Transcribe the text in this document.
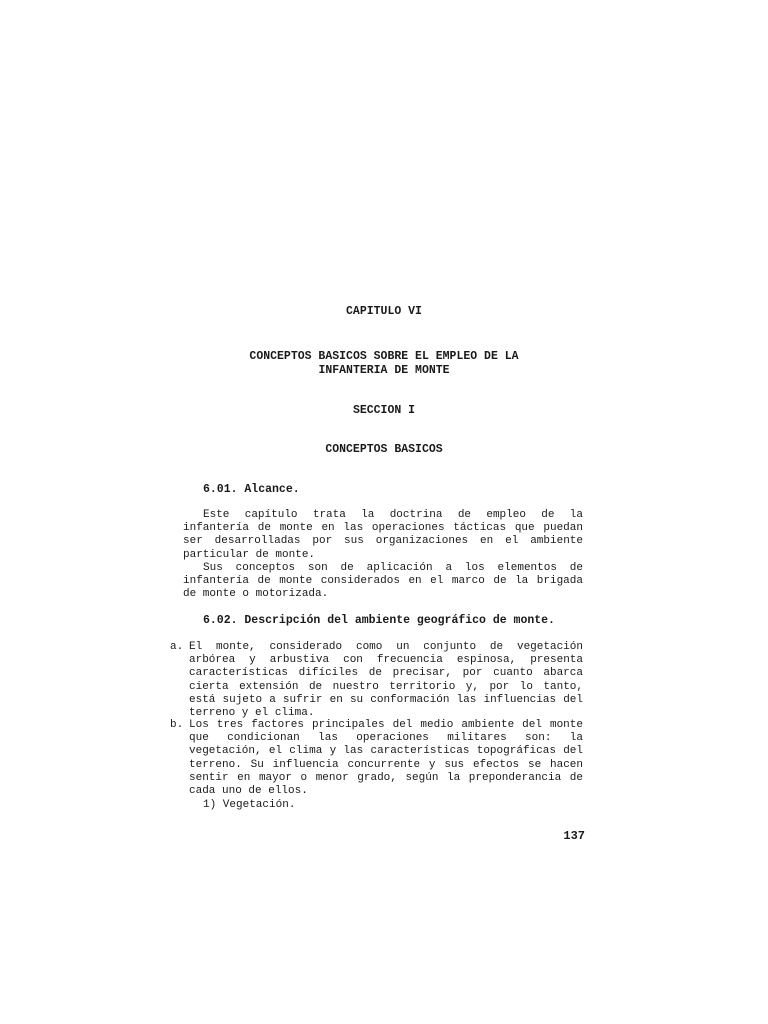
CAPITULO VI
CONCEPTOS BASICOS SOBRE EL EMPLEO DE LA
INFANTERIA DE MONTE
SECCION I
CONCEPTOS BASICOS
6.01. Alcance.

Este capítulo trata la doctrina de empleo de la infantería de monte en las operaciones tácticas que puedan ser desarrolladas por sus organizaciones en el ambiente particular de monte.

Sus conceptos son de aplicación a los elementos de infantería de monte considerados en el marco de la brigada de monte o motorizada.

6.02. Descripción del ambiente geográfico de monte.
a. El monte, considerado como un conjunto de vegetación arbórea y arbustiva con frecuencia espinosa, presenta características difíciles de precisar, por cuanto abarca cierta extensión de nuestro territorio y, por lo tanto, está sujeto a sufrir en su conformación las influencias del terreno y el clima.
b. Los tres factores principales del medio ambiente del monte que condicionan las operaciones militares son: la vegetación, el clima y las características topográficas del terreno. Su influencia concurrente y sus efectos se hacen sentir en mayor o menor grado, según la preponderancia de cada uno de ellos.
1) Vegetación.
137
